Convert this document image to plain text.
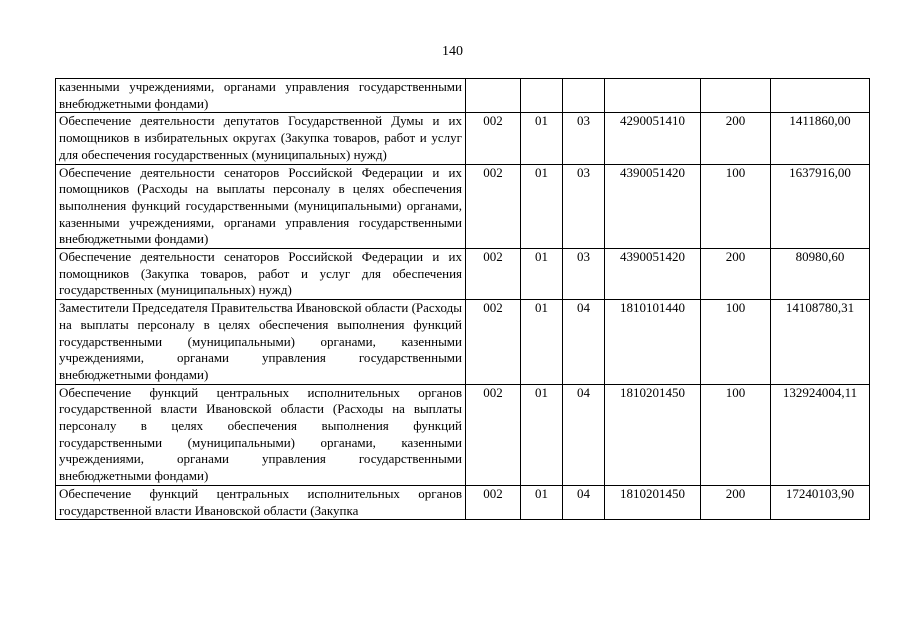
140
казенными учреждениями, органами управления государственными внебюджетными фондами)						
Обеспечение деятельности депутатов Государственной Думы и их помощников в избирательных округах (Закупка товаров, работ и услуг для обеспечения государственных (муниципальных) нужд)	002	01	03	4290051410	200	1411860,00
Обеспечение деятельности сенаторов Российской Федерации и их помощников (Расходы на выплаты персоналу в целях обеспечения выполнения функций государственными (муниципальными) органами, казенными учреждениями, органами управления государственными внебюджетными фондами)	002	01	03	4390051420	100	1637916,00
Обеспечение деятельности сенаторов Российской Федерации и их помощников (Закупка товаров, работ и услуг для обеспечения государственных (муниципальных) нужд)	002	01	03	4390051420	200	80980,60
Заместители Председателя Правительства Ивановской области (Расходы на выплаты персоналу в целях обеспечения выполнения функций государственными (муниципальными) органами, казенными учреждениями, органами управления государственными внебюджетными фондами)	002	01	04	1810101440	100	14108780,31
Обеспечение функций центральных исполнительных органов государственной власти Ивановской области (Расходы на выплаты персоналу в целях обеспечения выполнения функций государственными (муниципальными) органами, казенными учреждениями, органами управления государственными внебюджетными фондами)	002	01	04	1810201450	100	132924004,11
Обеспечение функций центральных исполнительных органов государственной власти Ивановской области (Закупка	002	01	04	1810201450	200	17240103,90
